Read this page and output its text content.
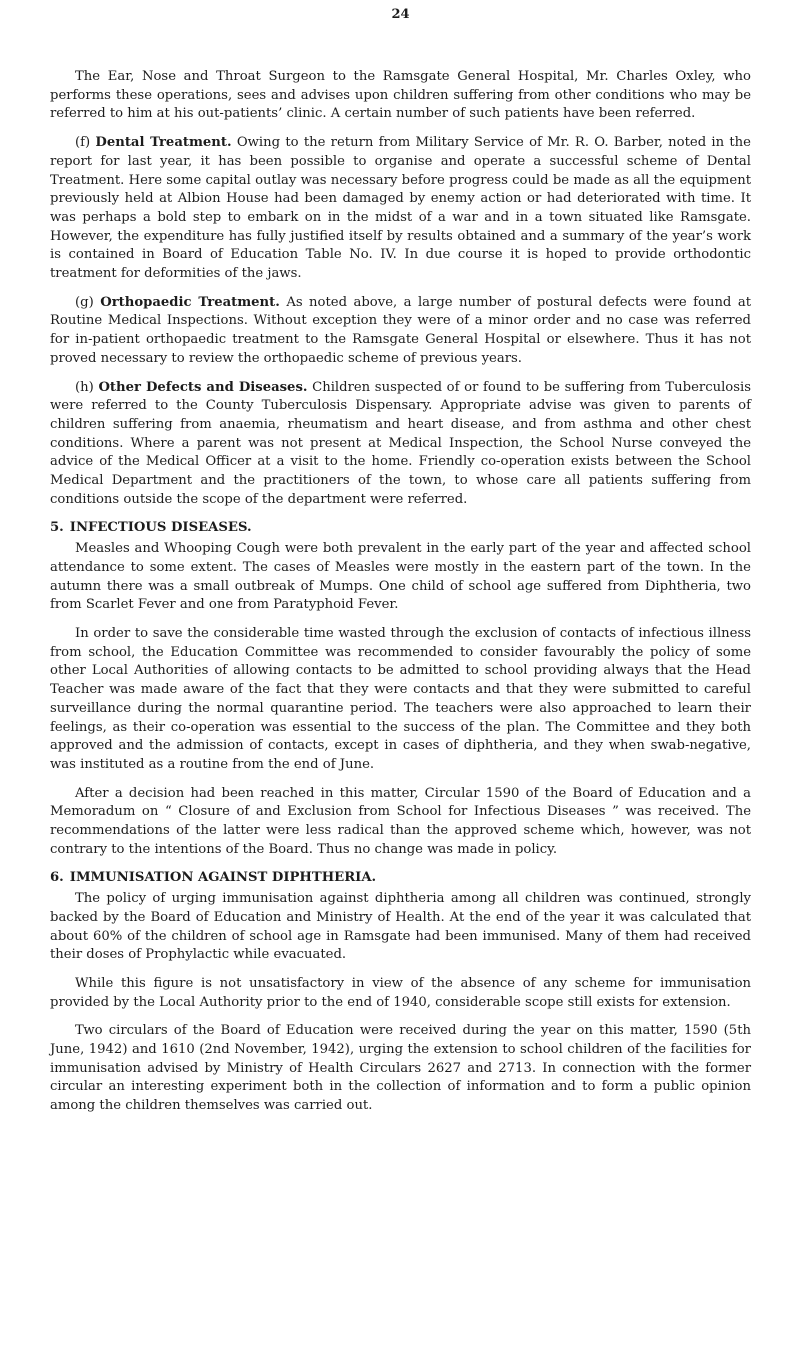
24

The Ear, Nose and Throat Surgeon to the Ramsgate General Hospital, Mr. Charles Oxley, who performs these operations, sees and advises upon children suffering from other conditions who may be referred to him at his out-patients’ clinic. A certain number of such patients have been referred.

(f) Dental Treatment. Owing to the return from Military Service of Mr. R. O. Barber, noted in the report for last year, it has been possible to organise and operate a successful scheme of Dental Treatment. Here some capital outlay was necessary before progress could be made as all the equipment previously held at Albion House had been damaged by enemy action or had deteriorated with time. It was perhaps a bold step to embark on in the midst of a war and in a town situated like Ramsgate. However, the expenditure has fully justified itself by results obtained and a summary of the year’s work is contained in Board of Education Table No. IV. In due course it is hoped to provide orthodontic treatment for deformities of the jaws.

(g) Orthopaedic Treatment. As noted above, a large number of postural defects were found at Routine Medical Inspections. Without exception they were of a minor order and no case was referred for in-patient orthopaedic treatment to the Ramsgate General Hospital or elsewhere. Thus it has not proved necessary to review the orthopaedic scheme of previous years.

(h) Other Defects and Diseases. Children suspected of or found to be suffering from Tuberculosis were referred to the County Tuberculosis Dispensary. Appropriate advise was given to parents of children suffering from anaemia, rheumatism and heart disease, and from asthma and other chest conditions. Where a parent was not present at Medical Inspection, the School Nurse conveyed the advice of the Medical Officer at a visit to the home. Friendly co-operation exists between the School Medical Department and the practitioners of the town, to whose care all patients suffering from conditions outside the scope of the department were referred.

5. INFECTIOUS DISEASES.

Measles and Whooping Cough were both prevalent in the early part of the year and affected school attendance to some extent. The cases of Measles were mostly in the eastern part of the town. In the autumn there was a small outbreak of Mumps. One child of school age suffered from Diphtheria, two from Scarlet Fever and one from Paratyphoid Fever.

In order to save the considerable time wasted through the exclusion of contacts of infectious illness from school, the Education Committee was recommended to consider favourably the policy of some other Local Authorities of allowing contacts to be admitted to school providing always that the Head Teacher was made aware of the fact that they were contacts and that they were submitted to careful surveillance during the normal quarantine period. The teachers were also approached to learn their feelings, as their co-operation was essential to the success of the plan. The Committee and they both approved and the admission of contacts, except in cases of diphtheria, and they when swab-negative, was instituted as a routine from the end of June.

After a decision had been reached in this matter, Circular 1590 of the Board of Education and a Memoradum on “ Closure of and Exclusion from School for Infectious Diseases ” was received. The recommendations of the latter were less radical than the approved scheme which, however, was not contrary to the intentions of the Board. Thus no change was made in policy.

6. IMMUNISATION AGAINST DIPHTHERIA.

The policy of urging immunisation against diphtheria among all children was continued, strongly backed by the Board of Education and Ministry of Health. At the end of the year it was calculated that about 60% of the children of school age in Ramsgate had been immunised. Many of them had received their doses of Prophylactic while evacuated.

While this figure is not unsatisfactory in view of the absence of any scheme for immunisation provided by the Local Authority prior to the end of 1940, considerable scope still exists for extension.

Two circulars of the Board of Education were received during the year on this matter, 1590 (5th June, 1942) and 1610 (2nd November, 1942), urging the extension to school children of the facilities for immunisation advised by Ministry of Health Circulars 2627 and 2713. In connection with the former circular an interesting experiment both in the collection of information and to form a public opinion among the children themselves was carried out.
